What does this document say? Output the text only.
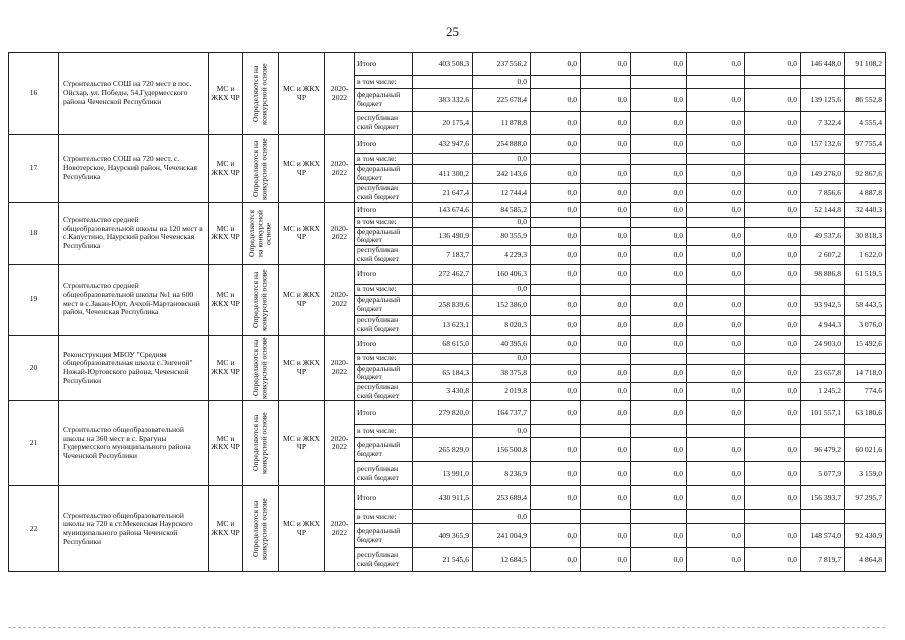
25
16	Строительство СОШ на 720 мест в пос. Ойсхар, ул. Победы, 54,Гудермесского района Чеченской Республики	МС и ЖКХ ЧР	Определяются на конкурсной основе	МС и ЖКХ ЧР	2020-2022	Итого	403 508,3	237 556,2	0,0	0,0	0,0	0,0	0,0	146 448,0	91 108,2
						в том числе:		0,0							
						федеральный бюджет	383 332,6	225 678,4	0,0	0,0	0,0	0,0	0,0	139 125,6	86 552,8
						республикан ский бюджет	20 175,4	11 878,8	0,0	0,0	0,0	0,0	0,0	7 322,4	4 555,4
17	Строительство СОШ на 720 мест, с. Новотерское, Наурский район, Чеченская Республика	МС и ЖКХ ЧР	Определяются на конкурсной основе	МС и ЖКХ ЧР	2020-2022	Итого	432 947,6	254 888,0	0,0	0,0	0,0	0,0	0,0	157 132,6	97 755,4
						в том числе:		0,0							
						федеральный бюджет	411 300,2	242 143,6	0,0	0,0	0,0	0,0	0,0	149 276,0	92 867,6
						республикан ский бюджет	21 647,4	12 744,4	0,0	0,0	0,0	0,0	0,0	7 856,6	4 887,8
18	Строительство средней общеобразовательной школы на 120 мест в с.Капустино, Наурский район Чеченская Республика	МС и ЖКХ ЧР	Определяются на конкурсной основе	МС и ЖКХ ЧР	2020-2022	Итого	143 674,6	84 585,2	0,0	0,0	0,0	0,0	0,0	52 144,8	32 440,3
						в том числе:		0,0							
						федеральный бюджет	136 490,9	80 355,9	0,0	0,0	0,0	0,0	0,0	49 537,6	30 818,3
						республикан ский бюджет	7 183,7	4 229,3	0,0	0,0	0,0	0,0	0,0	2 607,2	1 622,0
19	Строительство средней общеобразовательной школы №1 на 600 мест в с.Закан-Юрт, Ачхой-Мартановский район, Чеченская Республика	МС и ЖКХ ЧР	Определяются на конкурсной основе	МС и ЖКХ ЧР	2020-2022	Итого	272 462,7	160 406,3	0,0	0,0	0,0	0,0	0,0	98 886,8	61 519,5
						в том числе:		0,0							
						федеральный бюджет	258 839,6	152 386,0	0,0	0,0	0,0	0,0	0,0	93 942,5	58 443,5
						республикан ский бюджет	13 623,1	8 020,3	0,0	0,0	0,0	0,0	0,0	4 944,3	3 076,0
20	Реконструкция МБОУ "Средняя общеобразовательная школа с.Энгеной" Ножай-Юртовского района, Чеченской Республики	МС и ЖКХ ЧР	Определяются на конкурсной основе	МС и ЖКХ ЧР	2020-2022	Итого	68 615,0	40 395,6	0,0	0,0	0,0	0,0	0,0	24 903,0	15 492,6
						в том числе:		0,0							
						федеральный бюджет	65 184,3	38 375,8	0,0	0,0	0,0	0,0	0,0	23 657,8	14 718,0
						республикан ский бюджет	3 430,8	2 019,8	0,0	0,0	0,0	0,0	0,0	1 245,2	774,6
21	Строительство общеобразовательной школы на 360 мест в с. Брагуны Гудермесского муниципального района Чеченской Республики	МС и ЖКХ ЧР	Определяются на конкурсной основе	МС и ЖКХ ЧР	2020-2022	Итого	279 820,0	164 737,7	0,0	0,0	0,0	0,0	0,0	101 557,1	63 180,6
						в том числе:		0,0							
						федеральный бюджет	265 829,0	156 500,8	0,0	0,0	0,0	0,0	0,0	96 479,2	60 021,6
						республикан ский бюджет	13 991,0	8 236,9	0,0	0,0	0,0	0,0	0,0	5 077,9	3 159,0
22	Строительство общеобразовательной школы на 720 в ст.Мекенская Наурского муниципального района Чеченской Республики	МС и ЖКХ ЧР	Определяются на конкурсной основе	МС и ЖКХ ЧР	2020-2022	Итого	430 911,5	253 689,4	0,0	0,0	0,0	0,0	0,0	156 393,7	97 295,7
						в том числе:		0,0							
						федеральный бюджет	409 365,9	241 004,9	0,0	0,0	0,0	0,0	0,0	148 574,0	92 430,9
						республикан ский бюджет	21 545,6	12 684,5	0,0	0,0	0,0	0,0	0,0	7 819,7	4 864,8
